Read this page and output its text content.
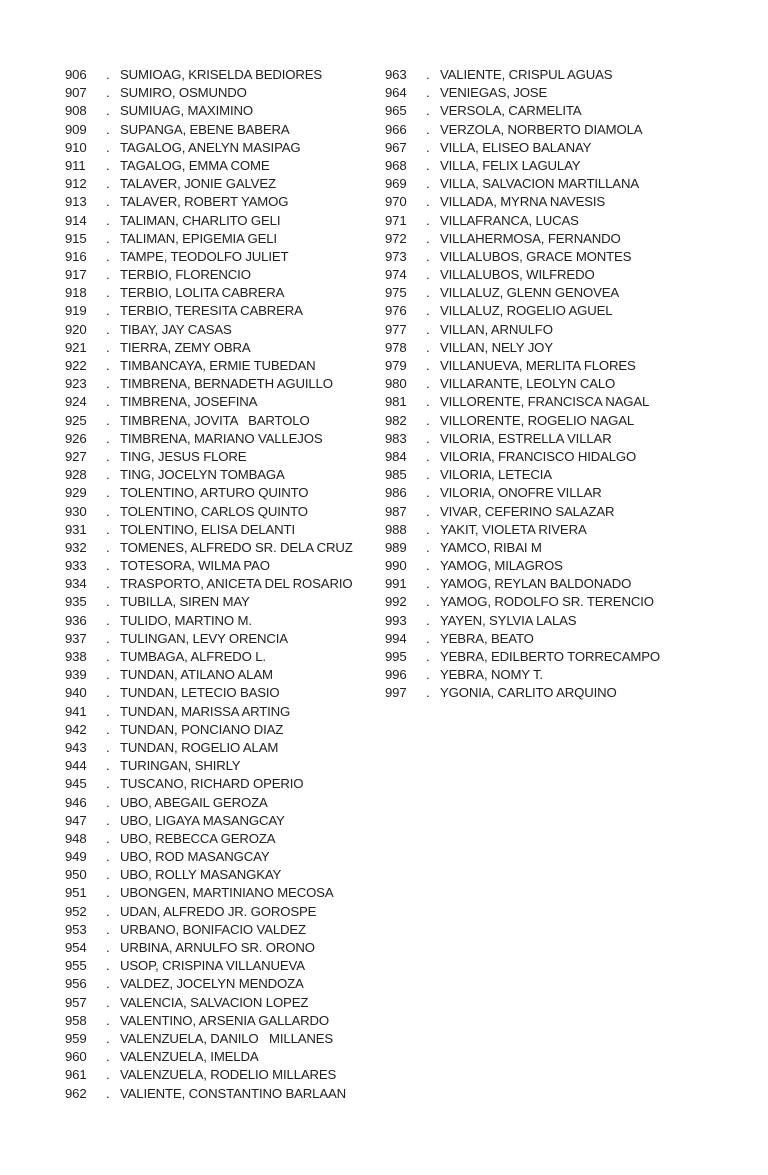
906	. SUMIOAG, KRISELDA BEDIORES
907	. SUMIRO, OSMUNDO
908	. SUMIUAG, MAXIMINO
909	. SUPANGA, EBENE BABERA
910	. TAGALOG, ANELYN MASIPAG
911	. TAGALOG, EMMA COME
912	. TALAVER, JONIE GALVEZ
913	. TALAVER, ROBERT YAMOG
914	. TALIMAN, CHARLITO GELI
915	. TALIMAN, EPIGEMIA GELI
916	. TAMPE, TEODOLFO JULIET
917	. TERBIO, FLORENCIO
918	. TERBIO, LOLITA CABRERA
919	. TERBIO, TERESITA CABRERA
920	. TIBAY, JAY CASAS
921	. TIERRA, ZEMY OBRA
922	. TIMBANCAYA, ERMIE TUBEDAN
923	. TIMBRENA, BERNADETH AGUILLO
924	. TIMBRENA, JOSEFINA
925	. TIMBRENA, JOVITA   BARTOLO
926	. TIMBRENA, MARIANO VALLEJOS
927	. TING, JESUS FLORE
928	. TING, JOCELYN TOMBAGA
929	. TOLENTINO, ARTURO QUINTO
930	. TOLENTINO, CARLOS QUINTO
931	. TOLENTINO, ELISA DELANTI
932	. TOMENES, ALFREDO SR. DELA CRUZ
933	. TOTESORA, WILMA PAO
934	. TRASPORTO, ANICETA DEL ROSARIO
935	. TUBILLA, SIREN MAY
936	. TULIDO, MARTINO M.
937	. TULINGAN, LEVY ORENCIA
938	. TUMBAGA, ALFREDO L.
939	. TUNDAN, ATILANO ALAM
940	. TUNDAN, LETECIO BASIO
941	. TUNDAN, MARISSA ARTING
942	. TUNDAN, PONCIANO DIAZ
943	. TUNDAN, ROGELIO ALAM
944	. TURINGAN, SHIRLY
945	. TUSCANO, RICHARD OPERIO
946	. UBO, ABEGAIL GEROZA
947	. UBO, LIGAYA MASANGCAY
948	. UBO, REBECCA GEROZA
949	. UBO, ROD MASANGCAY
950	. UBO, ROLLY MASANGKAY
951	. UBONGEN, MARTINIANO MECOSA
952	. UDAN, ALFREDO JR. GOROSPE
953	. URBANO, BONIFACIO VALDEZ
954	. URBINA, ARNULFO SR. ORONO
955	. USOP, CRISPINA VILLANUEVA
956	. VALDEZ, JOCELYN MENDOZA
957	. VALENCIA, SALVACION LOPEZ
958	. VALENTINO, ARSENIA GALLARDO
959	. VALENZUELA, DANILO   MILLANES
960	. VALENZUELA, IMELDA
961	. VALENZUELA, RODELIO MILLARES
962	. VALIENTE, CONSTANTINO BARLAAN
963	. VALIENTE, CRISPUL AGUAS
964	. VENIEGAS, JOSE
965	. VERSOLA, CARMELITA
966	. VERZOLA, NORBERTO DIAMOLA
967	. VILLA, ELISEO BALANAY
968	. VILLA, FELIX LAGULAY
969	. VILLA, SALVACION MARTILLANA
970	. VILLADA, MYRNA NAVESIS
971	. VILLAFRANCA, LUCAS
972	. VILLAHERMOSA, FERNANDO
973	. VILLALUBOS, GRACE MONTES
974	. VILLALUBOS, WILFREDO
975	. VILLALUZ, GLENN GENOVEA
976	. VILLALUZ, ROGELIO AGUEL
977	. VILLAN, ARNULFO
978	. VILLAN, NELY JOY
979	. VILLANUEVA, MERLITA FLORES
980	. VILLARANTE, LEOLYN CALO
981	. VILLORENTE, FRANCISCA NAGAL
982	. VILLORENTE, ROGELIO NAGAL
983	. VILORIA, ESTRELLA VILLAR
984	. VILORIA, FRANCISCO HIDALGO
985	. VILORIA, LETECIA
986	. VILORIA, ONOFRE VILLAR
987	. VIVAR, CEFERINO SALAZAR
988	. YAKIT, VIOLETA RIVERA
989	. YAMCO, RIBAI M
990	. YAMOG, MILAGROS
991	. YAMOG, REYLAN BALDONADO
992	. YAMOG, RODOLFO SR. TERENCIO
993	. YAYEN, SYLVIA LALAS
994	. YEBRA, BEATO
995	. YEBRA, EDILBERTO TORRECAMPO
996	. YEBRA, NOMY T.
997	. YGONIA, CARLITO ARQUINO
